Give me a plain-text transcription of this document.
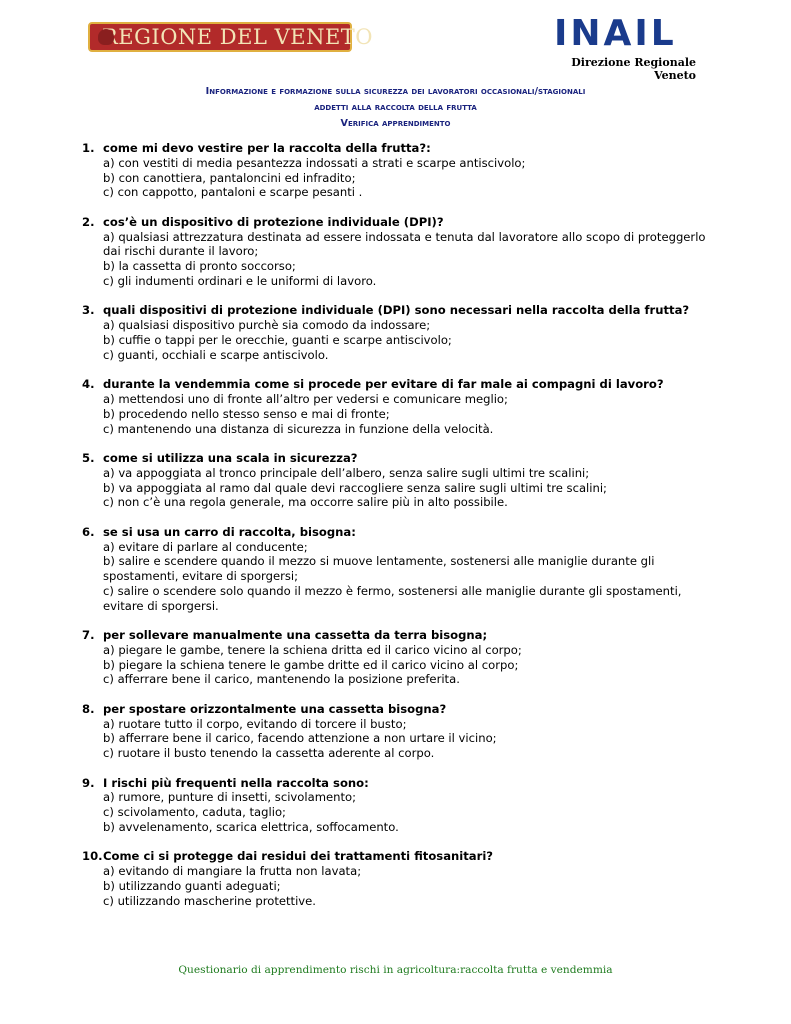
REGIONE DEL VENETO	INAIL
Direzione Regionale Veneto
Informazione e formazione sulla sicurezza dei lavoratori occasionali/stagionali
addetti alla raccolta della frutta
Verifica apprendimento
1. come mi devo vestire per la raccolta della frutta?:
a) con vestiti di media pesantezza indossati a strati e scarpe antiscivolo;
b) con canottiera, pantaloncini ed infradito;
c) con cappotto, pantaloni e scarpe pesanti .
2. cos’è un dispositivo di protezione individuale (DPI)?
a) qualsiasi attrezzatura destinata ad essere indossata e tenuta dal lavoratore allo scopo di proteggerlo dai rischi durante il lavoro;
b) la cassetta di pronto soccorso;
c) gli indumenti ordinari e le uniformi di lavoro.
3. quali dispositivi di protezione individuale (DPI) sono necessari nella raccolta della frutta?
a) qualsiasi dispositivo purchè sia comodo da indossare;
b) cuffie o tappi per le orecchie, guanti e scarpe antiscivolo;
c) guanti, occhiali e scarpe antiscivolo.
4. durante la vendemmia come si procede per evitare di far male ai compagni di lavoro?
a) mettendosi uno di fronte all’altro per vedersi e comunicare meglio;
b) procedendo nello stesso senso e mai di fronte;
c) mantenendo una distanza di sicurezza in funzione della velocità.
5. come si utilizza una scala in sicurezza?
a) va appoggiata al tronco principale dell’albero, senza salire sugli ultimi tre scalini;
b) va appoggiata al ramo dal quale devi raccogliere senza salire sugli ultimi tre scalini;
c) non c’è una regola generale, ma occorre salire più in alto possibile.
6. se si usa un carro di raccolta, bisogna:
a) evitare di parlare al conducente;
b) salire e scendere quando il mezzo si muove lentamente, sostenersi alle maniglie durante gli spostamenti, evitare di sporgersi;
c) salire o scendere solo quando il mezzo è fermo, sostenersi alle maniglie durante gli spostamenti, evitare di sporgersi.
7. per sollevare manualmente una cassetta da terra bisogna;
a) piegare le gambe, tenere la schiena dritta ed il carico vicino al corpo;
b) piegare la schiena tenere le gambe dritte ed il carico vicino al corpo;
c) afferrare bene il carico, mantenendo la posizione preferita.
8. per spostare orizzontalmente una cassetta bisogna?
a) ruotare tutto il corpo, evitando di torcere il busto;
b) afferrare bene il carico, facendo attenzione a non urtare il vicino;
c) ruotare il busto tenendo la cassetta aderente al corpo.
9. I rischi più frequenti nella raccolta sono:
a) rumore, punture di insetti, scivolamento;
c) scivolamento, caduta, taglio;
b) avvelenamento, scarica elettrica, soffocamento.
10. Come ci si protegge dai residui dei trattamenti fitosanitari?
a) evitando di mangiare la frutta non lavata;
b) utilizzando guanti adeguati;
c) utilizzando mascherine protettive.
Questionario di apprendimento rischi in agricoltura:raccolta frutta e vendemmia
